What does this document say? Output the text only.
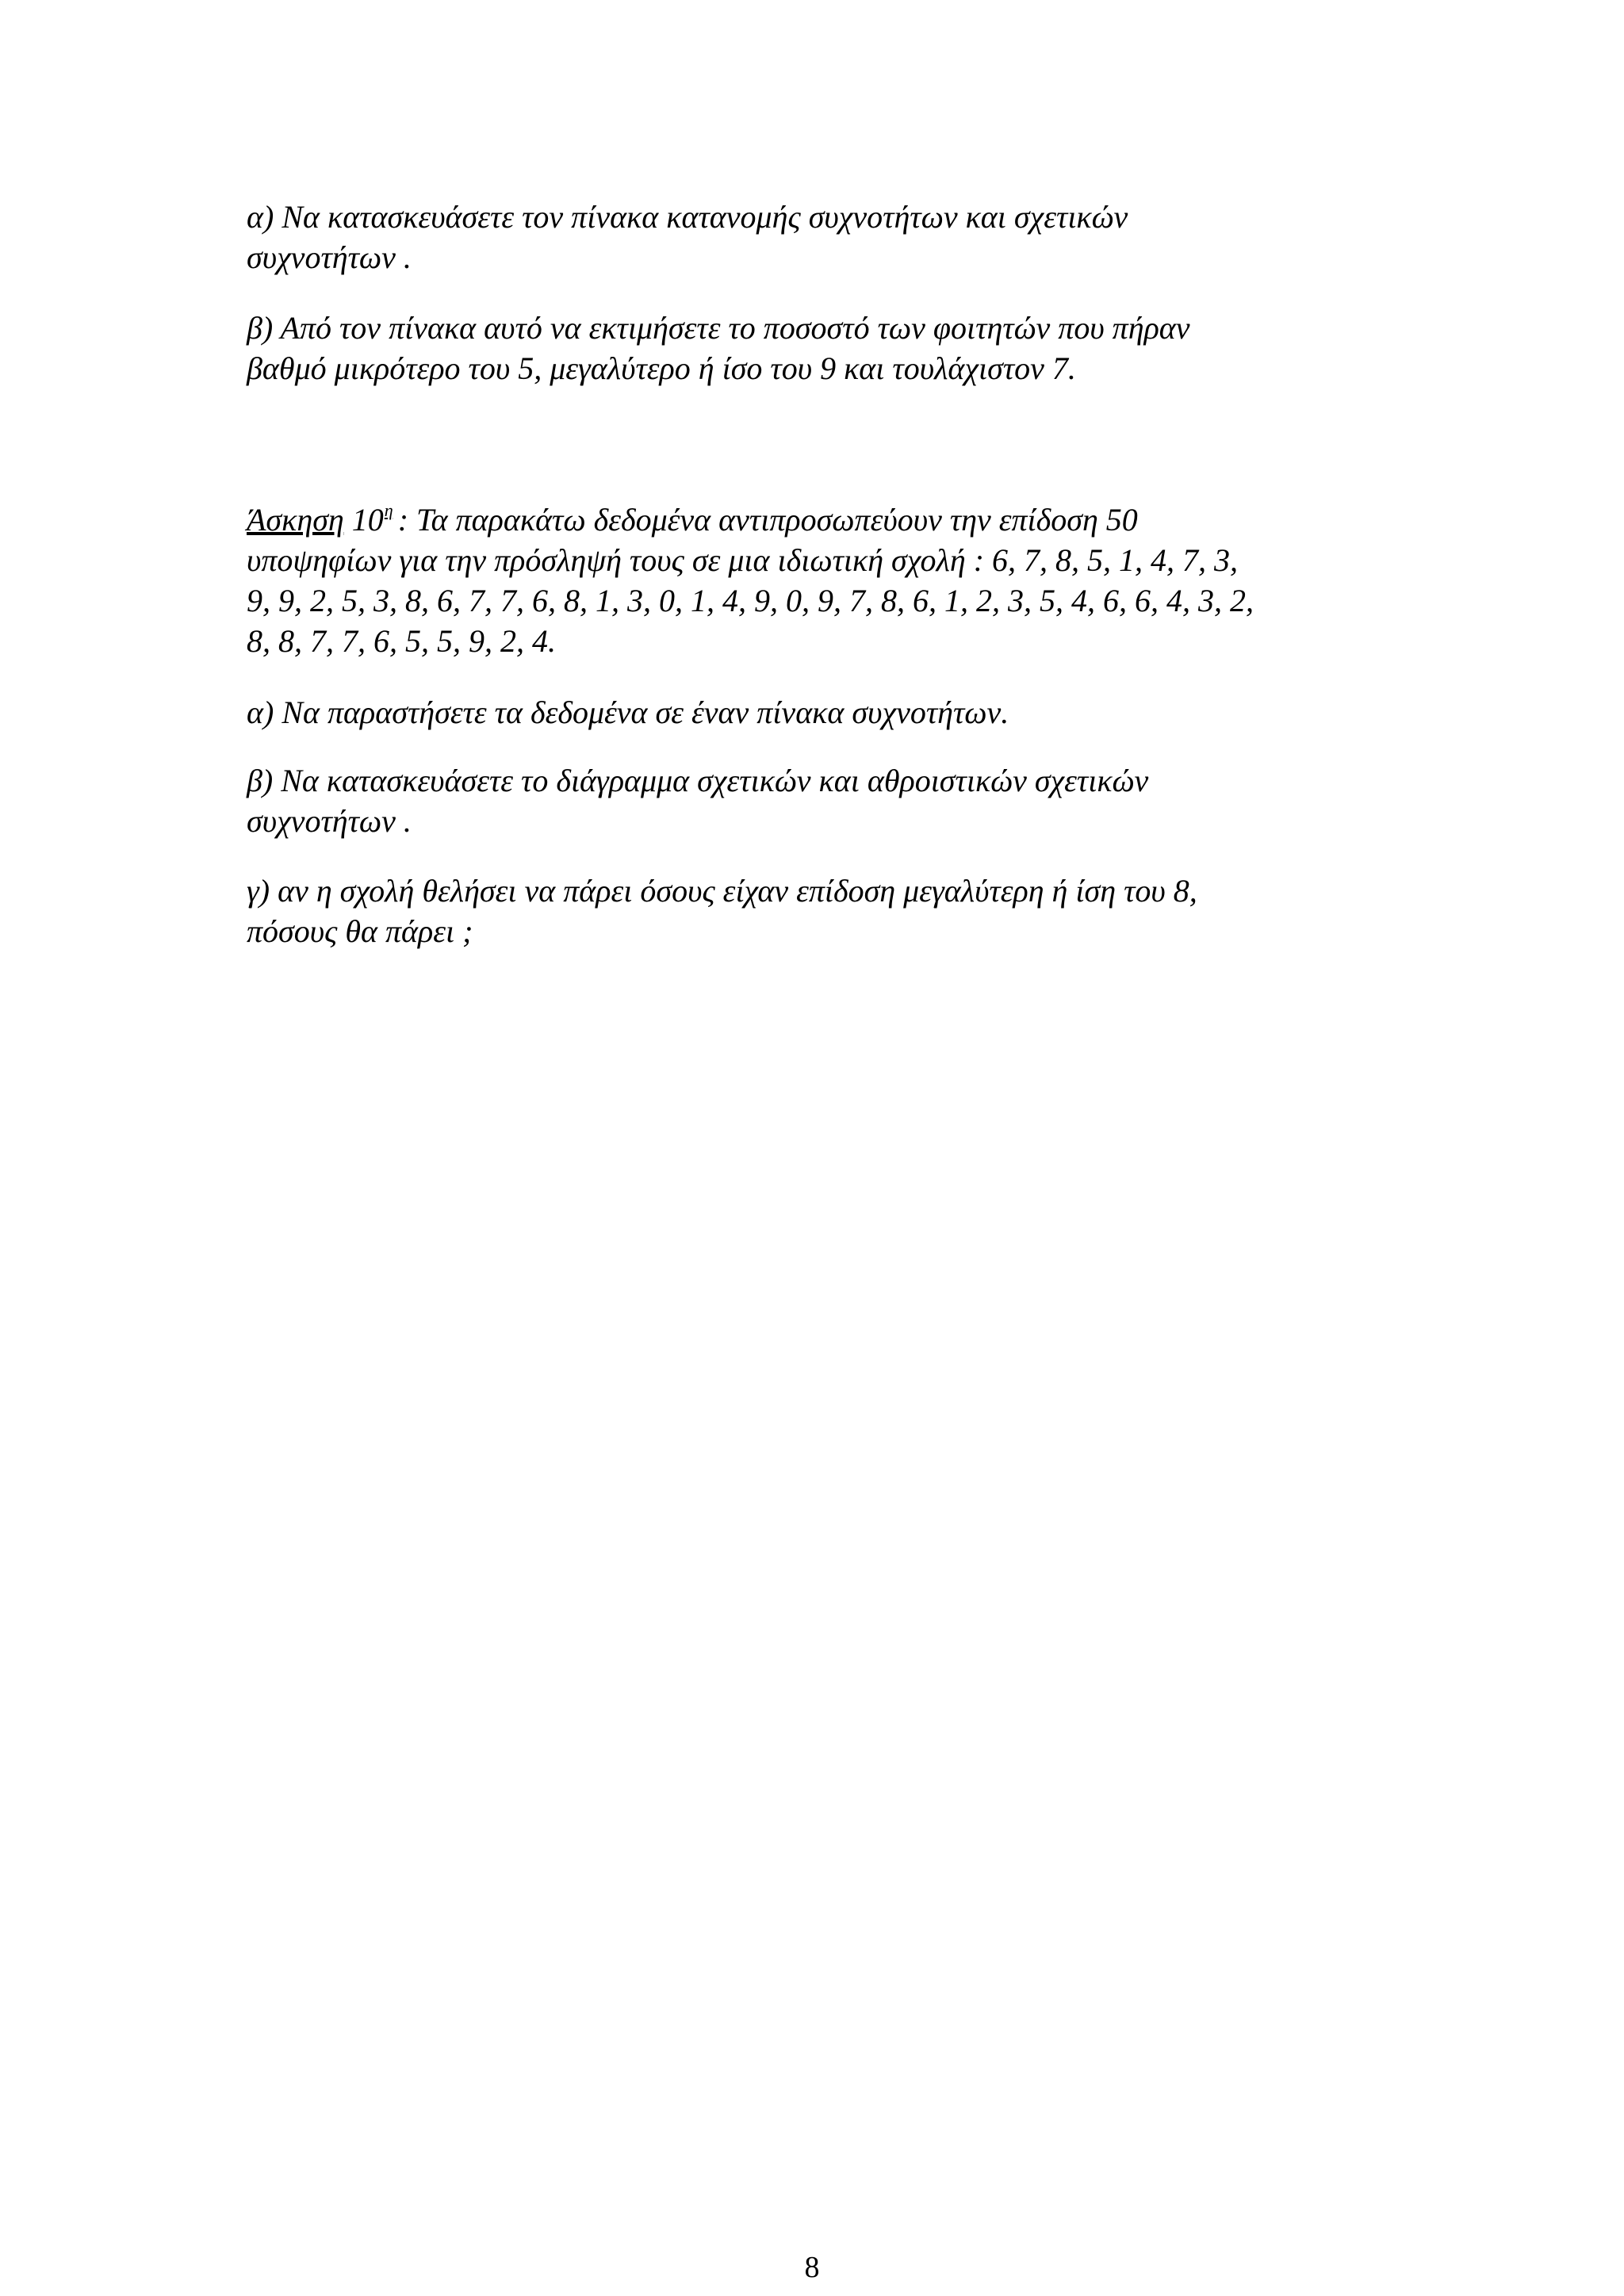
α) Να κατασκευάσετε τον πίνακα κατανομής συχνοτήτων και σχετικών
συχνοτήτων .

β) Από τον πίνακα αυτό να εκτιμήσετε το ποσοστό των φοιτητών που πήραν
βαθμό μικρότερο του 5, μεγαλύτερο ή ίσο του 9 και τουλάχιστον 7.

Άσκηση 10η : Τα παρακάτω δεδομένα αντιπροσωπεύουν την επίδοση 50
υποψηφίων για την πρόσληψή τους σε μια ιδιωτική σχολή : 6, 7, 8, 5, 1, 4, 7, 3,
9, 9, 2, 5, 3, 8, 6, 7, 7, 6, 8, 1, 3, 0, 1, 4, 9, 0, 9, 7, 8, 6, 1, 2, 3, 5, 4, 6, 6, 4, 3, 2,
8, 8, 7, 7, 6, 5, 5, 9, 2, 4.

α) Να παραστήσετε τα δεδομένα σε έναν πίνακα συχνοτήτων.

β) Να κατασκευάσετε το διάγραμμα σχετικών και αθροιστικών σχετικών
συχνοτήτων .

γ) αν η σχολή θελήσει να πάρει όσους είχαν επίδοση μεγαλύτερη ή ίση του 8,
πόσους θα πάρει ;

8
